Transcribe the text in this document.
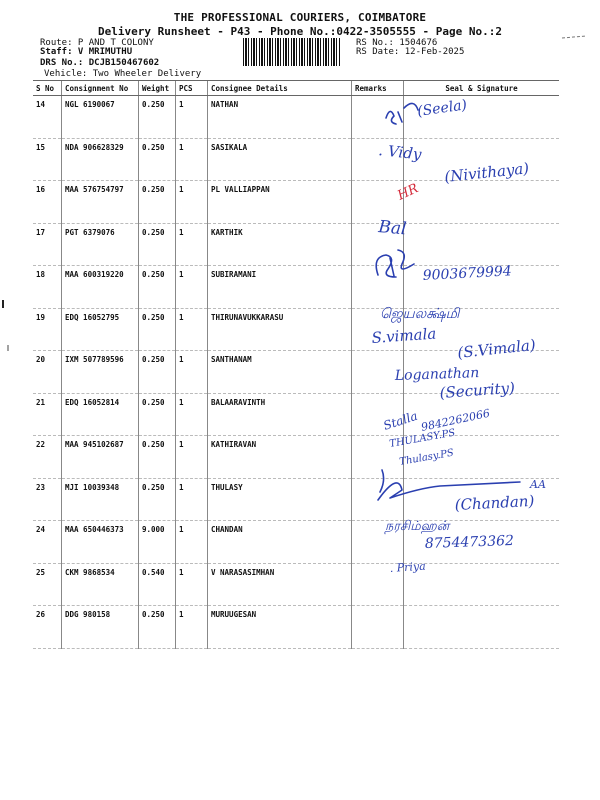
THE PROFESSIONAL COURIERS, COIMBATORE
Delivery Runsheet - P43 - Phone No.:0422-3505555 - Page No.:2
Route: P AND T COLONY
Staff: V MRIMUTHU
DRS No.: DCJB150467602
Vehicle: Two Wheeler Delivery
RS No.: 1504676
RS Date: 12-Feb-2025
S No	Consignment No	Weight	PCS	Consignee Details	Remarks	Seal & Signature
14	NGL 6190067	0.250	1	NATHAN		
15	NDA 906628329	0.250	1	SASIKALA		
16	MAA 576754797	0.250	1	PL VALLIAPPAN		
17	PGT 6379076	0.250	1	KARTHIK		
18	MAA 600319220	0.250	1	SUBIRAMANI		
19	EDQ 16052795	0.250	1	THIRUNAVUKKARASU		
20	IXM 507789596	0.250	1	SANTHANAM		
21	EDQ 16052814	0.250	1	BALAARAVINTH		
22	MAA 945102687	0.250	1	KATHIRAVAN		
23	MJI 10039348	0.250	1	THULASY		
24	MAA 650446373	9.000	1	CHANDAN		
25	CKM 9868534	0.540	1	V NARASASIMHAN		
26	DDG 980158	0.250	1	MURUUGESAN		
(Seela)
. Vidy
(Nivithaya)
HR
Bal
9003679994
ஜெயலக்ஷ்மி
S.vimala
(S.Vimala)
Loganathan
(Security)
Stalla 9842262066
THULASY.PS
Thulasy.PS
AA
(Chandan)
நரசிம்ஹன்
8754473362
. Priya
